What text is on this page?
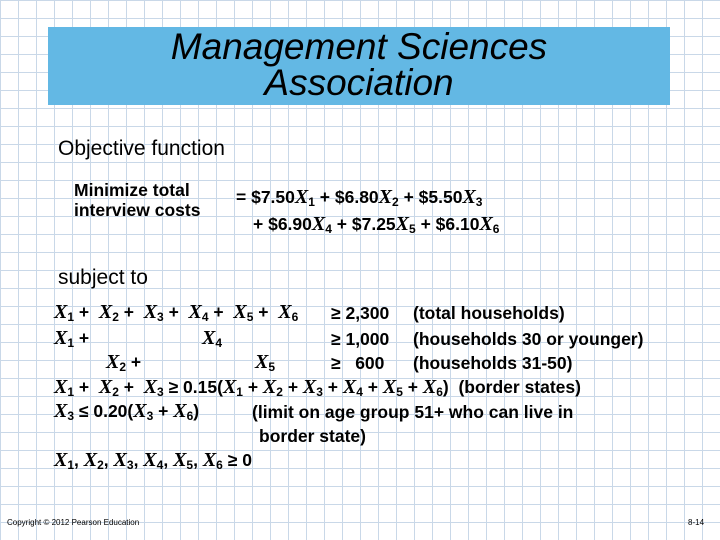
Management Sciences
Association
Objective function
Minimize total
interview costs
= $\$7.50X_1$ + $\$6.80X_2$ + $\$5.50X_3$
+ $\$6.90X_4$ + $\$7.25X_5$ + $\$6.10X_6$
subject to
$X_1 + X_2 + X_3 + X_4 + X_5 + X_6 \ge 2,300$ (total households)
$X_1$ +	$X_4$	≥ 1,000 (households 30 or younger)
$X_2$ +	$X_5$	≥   600 (households 31-50)
$X_1 + X_2 + X_3 \ge 0.15(X_1 + X_2 + X_3 + X_4 + X_5 + X_6)$  (border states)
$X_3 \le 0.20(X_3 + X_6)$	(limit on age group 51+ who can live in
border state)
$X_1$, $X_2$, $X_3$, $X_4$, $X_5$, $X_6 \ge 0$
Copyright © 2012 Pearson Education	8-14
